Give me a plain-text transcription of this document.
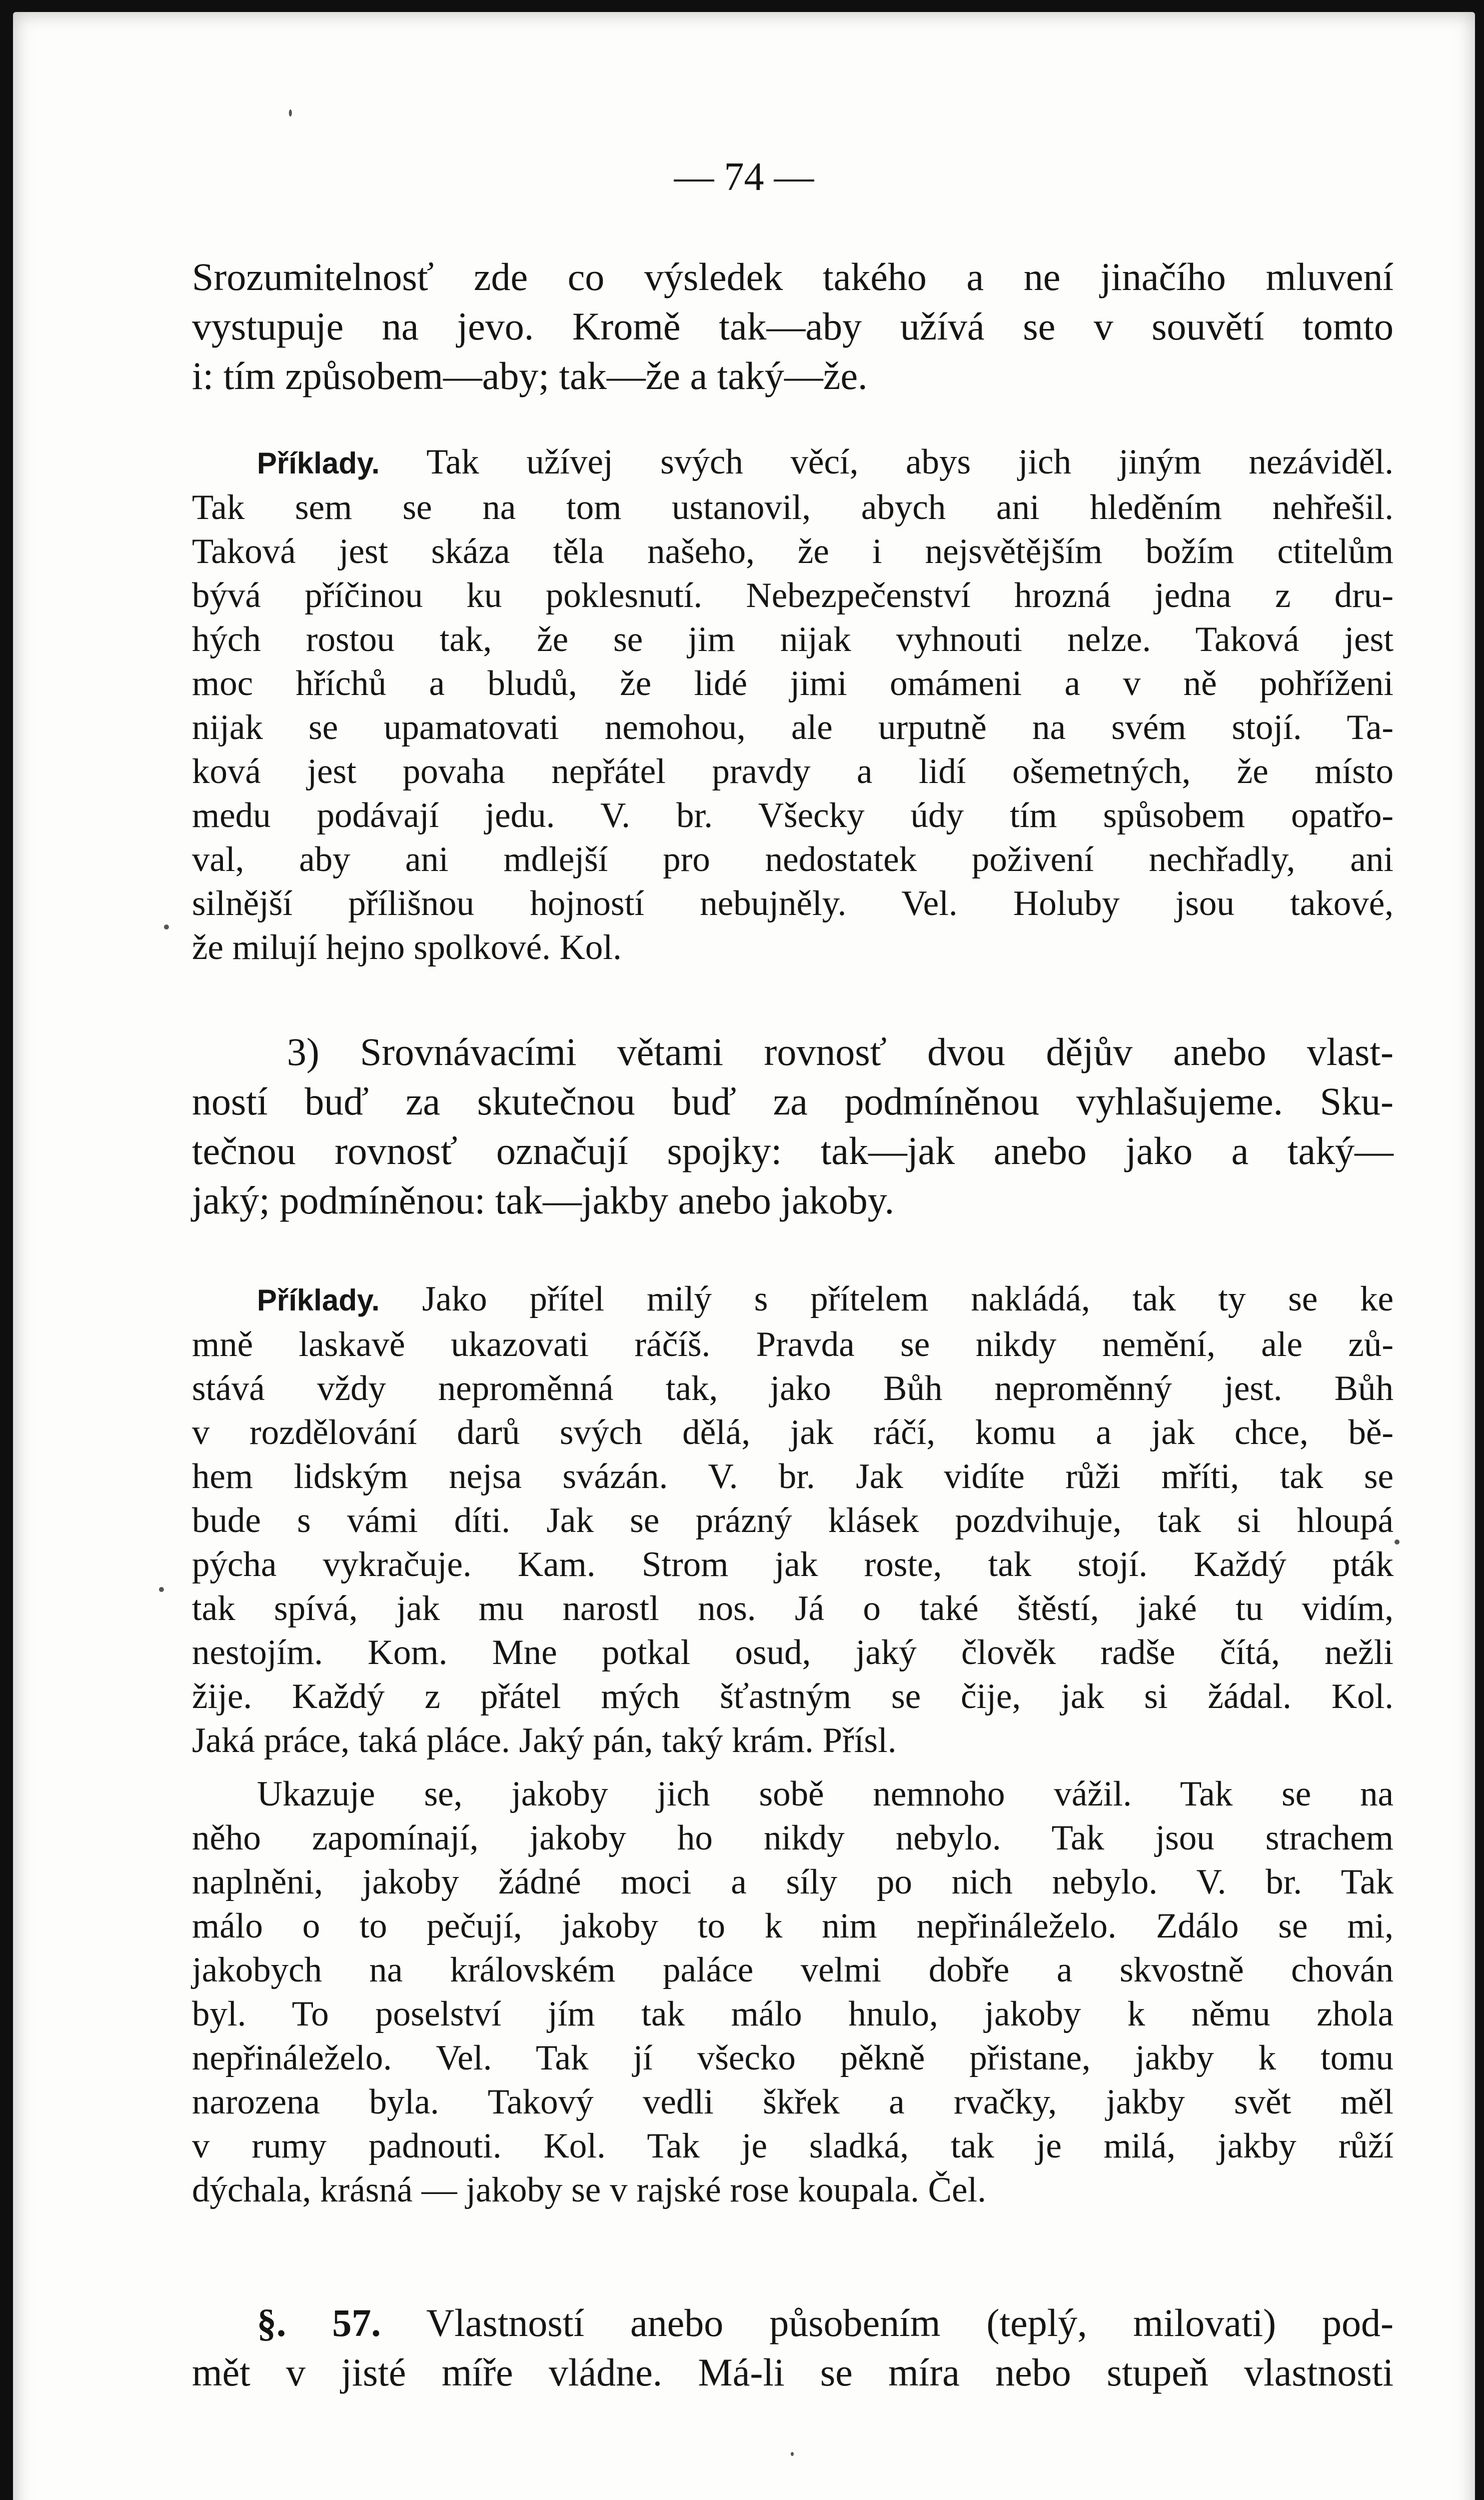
— 74 —
Srozumitelnosť zde co výsledek takého a ne jinačího mluvení
vystupuje na jevo. Kromě tak—aby užívá se v souvětí tomto
i: tím způsobem—aby; tak—že a taký—že.
Příklady. Tak užívej svých věcí, abys jich jiným nezáviděl.
Tak sem se na tom ustanovil, abych ani hleděním nehřešil.
Taková jest skáza těla našeho, že i nejsvětějším božím ctitelům
bývá příčinou ku poklesnutí. Nebezpečenství hrozná jedna z dru-
hých rostou tak, že se jim nijak vyhnouti nelze. Taková jest
moc hříchů a bludů, že lidé jimi omámeni a v ně pohříženi
nijak se upamatovati nemohou, ale urputně na svém stojí. Ta-
ková jest povaha nepřátel pravdy a lidí ošemetných, že místo
medu podávají jedu. V. br. Všecky údy tím spůsobem opatřo-
val, aby ani mdlejší pro nedostatek poživení nechřadly, ani
silnější přílišnou hojností nebujněly. Vel. Holuby jsou takové,
že milují hejno spolkové. Kol.
3) Srovnávacími větami rovnosť dvou dějův anebo vlast-
ností buď za skutečnou buď za podmíněnou vyhlašujeme. Sku-
tečnou rovnosť označují spojky: tak—jak anebo jako a taký—
jaký; podmíněnou: tak—jakby anebo jakoby.
Příklady. Jako přítel milý s přítelem nakládá, tak ty se ke
mně laskavě ukazovati ráčíš. Pravda se nikdy nemění, ale zů-
stává vždy neproměnná tak, jako Bůh neproměnný jest. Bůh
v rozdělování darů svých dělá, jak ráčí, komu a jak chce, bě-
hem lidským nejsa svázán. V. br. Jak vidíte růži mříti, tak se
bude s vámi díti. Jak se prázný klásek pozdvihuje, tak si hloupá
pýcha vykračuje. Kam. Strom jak roste, tak stojí. Každý pták
tak spívá, jak mu narostl nos. Já o také štěstí, jaké tu vidím,
nestojím. Kom. Mne potkal osud, jaký člověk radše čítá, nežli
žije. Každý z přátel mých šťastným se čije, jak si žádal. Kol.
Jaká práce, taká pláce. Jaký pán, taký krám. Přísl.
Ukazuje se, jakoby jich sobě nemnoho vážil. Tak se na
něho zapomínají, jakoby ho nikdy nebylo. Tak jsou strachem
naplněni, jakoby žádné moci a síly po nich nebylo. V. br. Tak
málo o to pečují, jakoby to k nim nepřináleželo. Zdálo se mi,
jakobych na královském paláce velmi dobře a skvostně chován
byl. To poselství jím tak málo hnulo, jakoby k němu zhola
nepřináleželo. Vel. Tak jí všecko pěkně přistane, jakby k tomu
narozena byla. Takový vedli škřek a rvačky, jakby svět měl
v rumy padnouti. Kol. Tak je sladká, tak je milá, jakby růží
dýchala, krásná — jakoby se v rajské rose koupala. Čel.
§. 57. Vlastností anebo působením (teplý, milovati) pod-
mět v jisté míře vládne. Má-li se míra nebo stupeň vlastnosti
